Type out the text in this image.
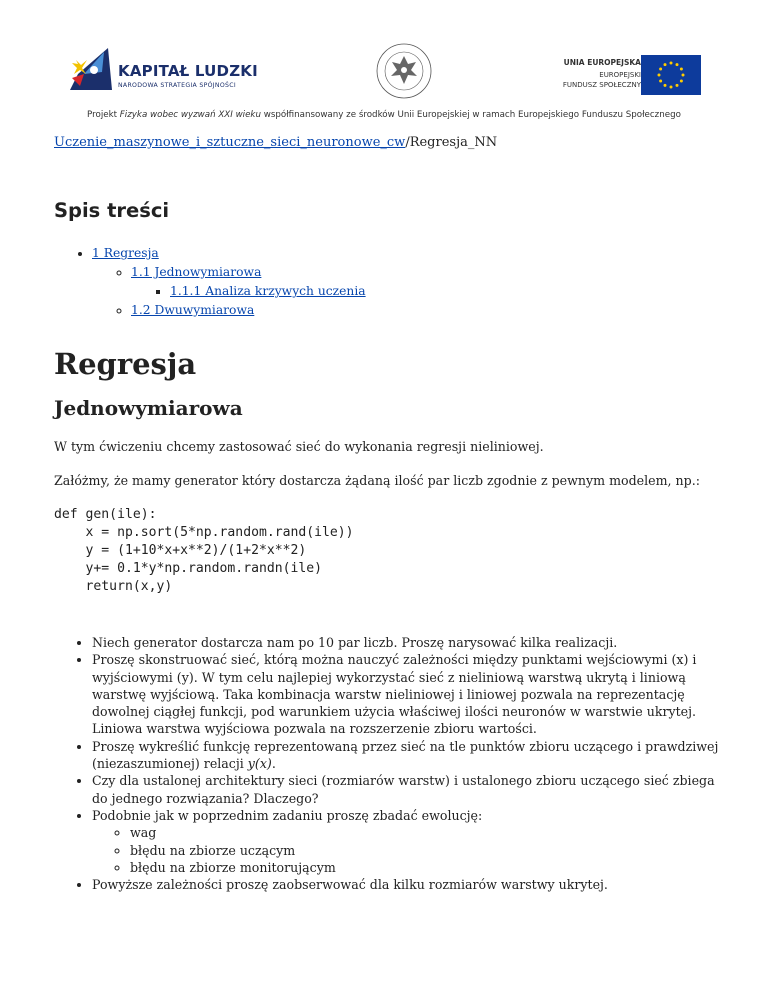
KAPITAŁ LUDZKI
NARODOWA STRATEGIA SPÓJNOŚCI
UNIA EUROPEJSKA
EUROPEJSKI
FUNDUSZ SPOŁECZNY
Projekt Fizyka wobec wyzwań XXI wieku współfinansowany ze środków Unii Europejskiej w ramach Europejskiego Funduszu Społecznego
Uczenie_maszynowe_i_sztuczne_sieci_neuronowe_cw/Regresja_NN
Spis treści
• 1 Regresja
◦ 1.1 Jednowymiarowa
▪ 1.1.1 Analiza krzywych uczenia
◦ 1.2 Dwuwymiarowa
Regresja
Jednowymiarowa

W tym ćwiczeniu chcemy zastosować sieć do wykonania regresji nieliniowej.

Załóżmy, że mamy generator który dostarcza żądaną ilość par liczb zgodnie z pewnym modelem, np.:

def gen(ile):
x = np.sort(5*np.random.rand(ile))
y = (1+10*x+x**2)/(1+2*x**2)
y+= 0.1*y*np.random.randn(ile)
return(x,y)
• Niech generator dostarcza nam po 10 par liczb. Proszę narysować kilka realizacji.
• Proszę skonstruować sieć, którą można nauczyć zależności między punktami wejściowymi (x) i wyjściowymi (y). W tym celu najlepiej wykorzystać sieć z nieliniową warstwą ukrytą i liniową warstwę wyjściową. Taka kombinacja warstw nieliniowej i liniowej pozwala na reprezentację dowolnej ciągłej funkcji, pod warunkiem użycia właściwej ilości neuronów w warstwie ukrytej. Liniowa warstwa wyjściowa pozwala na rozszerzenie zbioru wartości.
• Proszę wykreślić funkcję reprezentowaną przez sieć na tle punktów zbioru uczącego i prawdziwej (niezaszumionej) relacji y(x).
• Czy dla ustalonej architektury sieci (rozmiarów warstw) i ustalonego zbioru uczącego sieć zbiega do jednego rozwiązania? Dlaczego?
• Podobnie jak w poprzednim zadaniu proszę zbadać ewolucję:
◦ wag
◦ błędu na zbiorze uczącym
◦ błędu na zbiorze monitorującym
• Powyższe zależności proszę zaobserwować dla kilku rozmiarów warstwy ukrytej.
